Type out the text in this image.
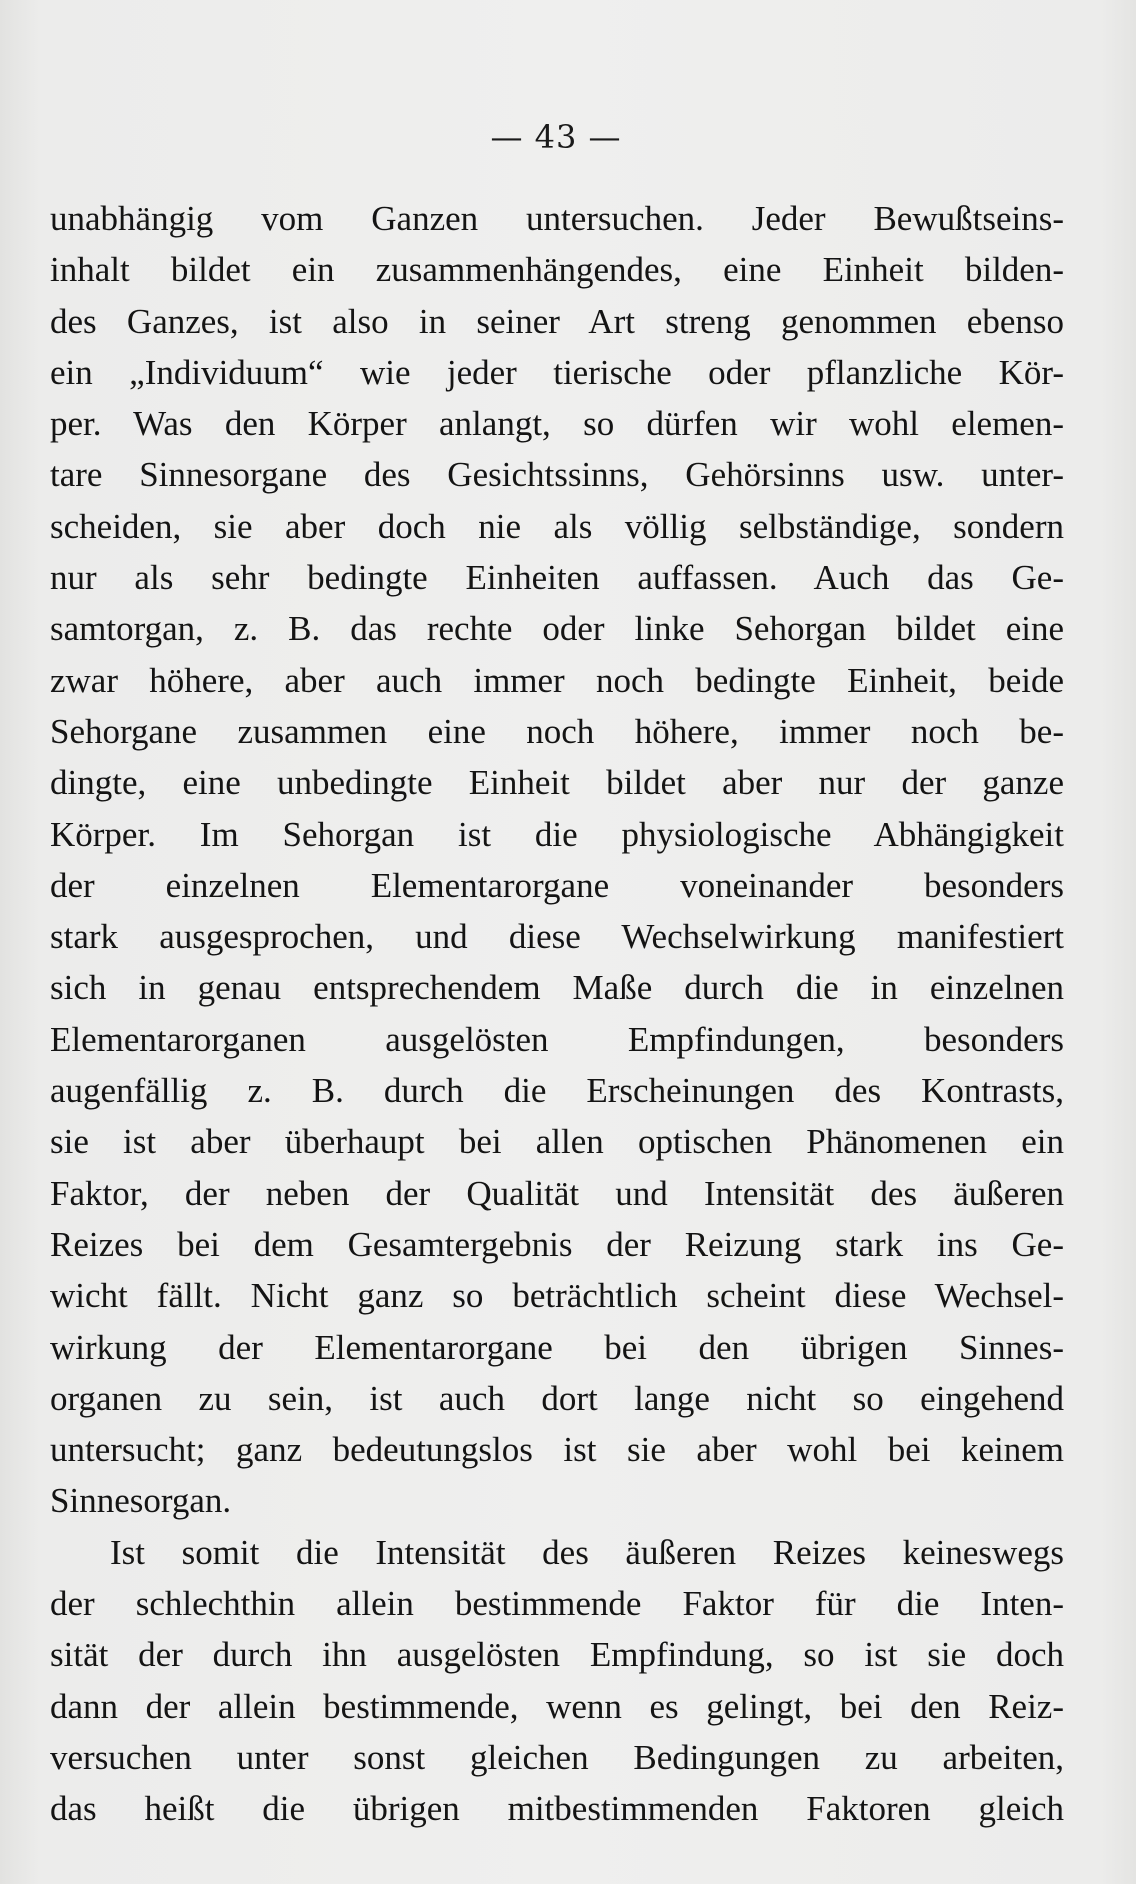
— 43 —
unabhängig vom Ganzen untersuchen. Jeder Bewußtseins-
inhalt bildet ein zusammenhängendes, eine Einheit bilden-
des Ganzes, ist also in seiner Art streng genommen ebenso
ein „Individuum“ wie jeder tierische oder pflanzliche Kör-
per. Was den Körper anlangt, so dürfen wir wohl elemen-
tare Sinnesorgane des Gesichtssinns, Gehörsinns usw. unter-
scheiden, sie aber doch nie als völlig selbständige, sondern
nur als sehr bedingte Einheiten auffassen. Auch das Ge-
samtorgan, z. B. das rechte oder linke Sehorgan bildet eine
zwar höhere, aber auch immer noch bedingte Einheit, beide
Sehorgane zusammen eine noch höhere, immer noch be-
dingte, eine unbedingte Einheit bildet aber nur der ganze
Körper. Im Sehorgan ist die physiologische Abhängigkeit
der einzelnen Elementarorgane voneinander besonders
stark ausgesprochen, und diese Wechselwirkung manifestiert
sich in genau entsprechendem Maße durch die in einzelnen
Elementarorganen ausgelösten Empfindungen, besonders
augenfällig z. B. durch die Erscheinungen des Kontrasts,
sie ist aber überhaupt bei allen optischen Phänomenen ein
Faktor, der neben der Qualität und Intensität des äußeren
Reizes bei dem Gesamtergebnis der Reizung stark ins Ge-
wicht fällt. Nicht ganz so beträchtlich scheint diese Wechsel-
wirkung der Elementarorgane bei den übrigen Sinnes-
organen zu sein, ist auch dort lange nicht so eingehend
untersucht; ganz bedeutungslos ist sie aber wohl bei keinem
Sinnesorgan.
Ist somit die Intensität des äußeren Reizes keineswegs
der schlechthin allein bestimmende Faktor für die Inten-
sität der durch ihn ausgelösten Empfindung, so ist sie doch
dann der allein bestimmende, wenn es gelingt, bei den Reiz-
versuchen unter sonst gleichen Bedingungen zu arbeiten,
das heißt die übrigen mitbestimmenden Faktoren gleich
